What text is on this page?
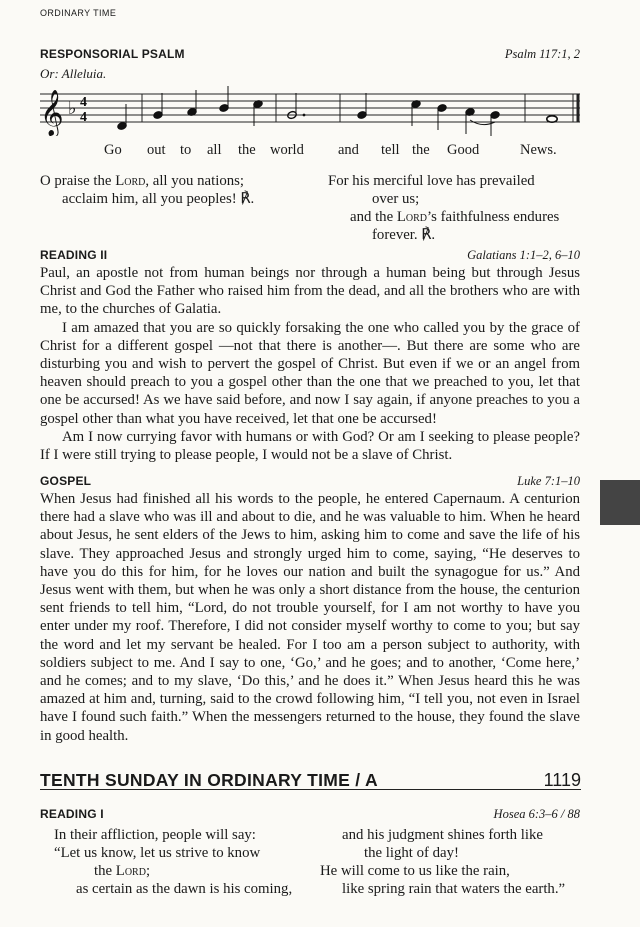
ORDINARY TIME
RESPONSORIAL PSALM	Psalm 117:1, 2
Or: Alleluia.
𝄞 ♭ 4
4
Go out to all the world and tell the Good	News.

O praise the Lord, all you nations;

acclaim him, all you peoples! ℟.

For his merciful love has prevailed

over us;

and the Lord’s faithfulness endures

forever. ℟.

READING II	Galatians 1:1–2, 6–10

Paul, an apostle not from human beings nor through a human being but through Jesus Christ and God the Father who raised him from the dead, and all the brothers who are with me, to the churches of Galatia.

I am amazed that you are so quickly forsaking the one who called you by the grace of Christ for a different gospel —not that there is another—. But there are some who are disturbing you and wish to pervert the gospel of Christ. But even if we or an angel from heaven should preach to you a gospel other than the one that we preached to you, let that one be accursed! As we have said before, and now I say again, if anyone preaches to you a gospel other than what you have received, let that one be accursed!

Am I now currying favor with humans or with God? Or am I seeking to please people? If I were still trying to please people, I would not be a slave of Christ.

GOSPEL	Luke 7:1–10

When Jesus had finished all his words to the people, he entered Capernaum. A centurion there had a slave who was ill and about to die, and he was valuable to him. When he heard about Jesus, he sent elders of the Jews to him, asking him to come and save the life of his slave. They approached Jesus and strongly urged him to come, saying, “He deserves to have you do this for him, for he loves our nation and built the synagogue for us.” And Jesus went with them, but when he was only a short distance from the house, the centurion sent friends to tell him, “Lord, do not trouble yourself, for I am not worthy to have you enter under my roof. Therefore, I did not consider myself worthy to come to you; but say the word and let my servant be healed. For I too am a person subject to authority, with soldiers subject to me. And I say to one, ‘Go,’ and he goes; and to another, ‘Come here,’ and he comes; and to my slave, ‘Do this,’ and he does it.” When Jesus heard this he was amazed at him and, turning, said to the crowd following him, “I tell you, not even in Israel have I found such faith.” When the messengers returned to the house, they found the slave in good health.

TENTH SUNDAY IN ORDINARY TIME / A	1119
READING I	Hosea 6:3–6 / 88

In their affliction, people will say:

“Let us know, let us strive to know

the Lord;

as certain as the dawn is his coming,

and his judgment shines forth like

the light of day!

He will come to us like the rain,

like spring rain that waters the earth.”
